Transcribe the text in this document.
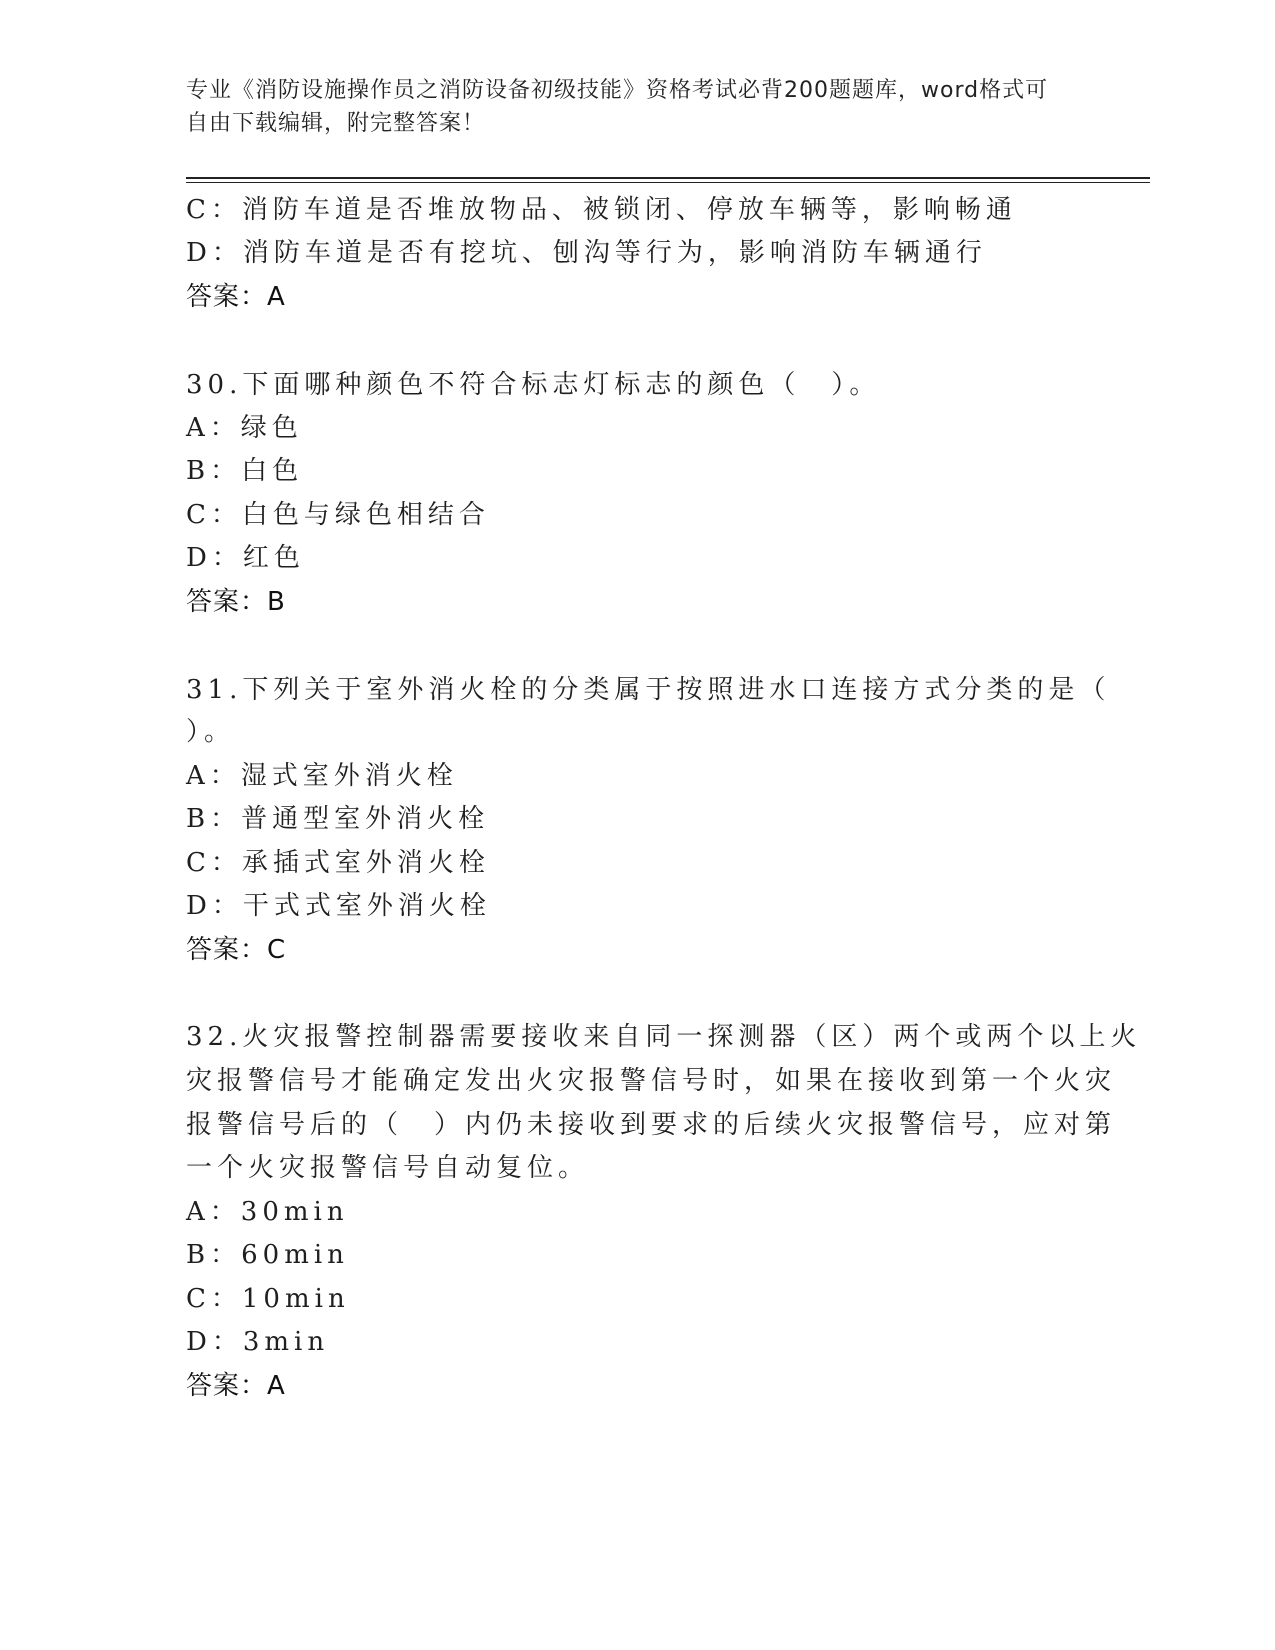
专业《消防设施操作员之消防设备初级技能》资格考试必背200题题库，word格式可自由下载编辑，附完整答案！
C：消防车道是否堆放物品、被锁闭、停放车辆等，影响畅通
D：消防车道是否有挖坑、刨沟等行为，影响消防车辆通行
答案：A
30.下面哪种颜色不符合标志灯标志的颜色（　）。
A：绿色
B：白色
C：白色与绿色相结合
D：红色
答案：B
31.下列关于室外消火栓的分类属于按照进水口连接方式分类的是（
）。
A：湿式室外消火栓
B：普通型室外消火栓
C：承插式室外消火栓
D：干式式室外消火栓
答案：C
32.火灾报警控制器需要接收来自同一探测器（区）两个或两个以上火
灾报警信号才能确定发出火灾报警信号时，如果在接收到第一个火灾
报警信号后的（　）内仍未接收到要求的后续火灾报警信号，应对第
一个火灾报警信号自动复位。
A：30min
B：60min
C：10min
D：3min
答案：A
